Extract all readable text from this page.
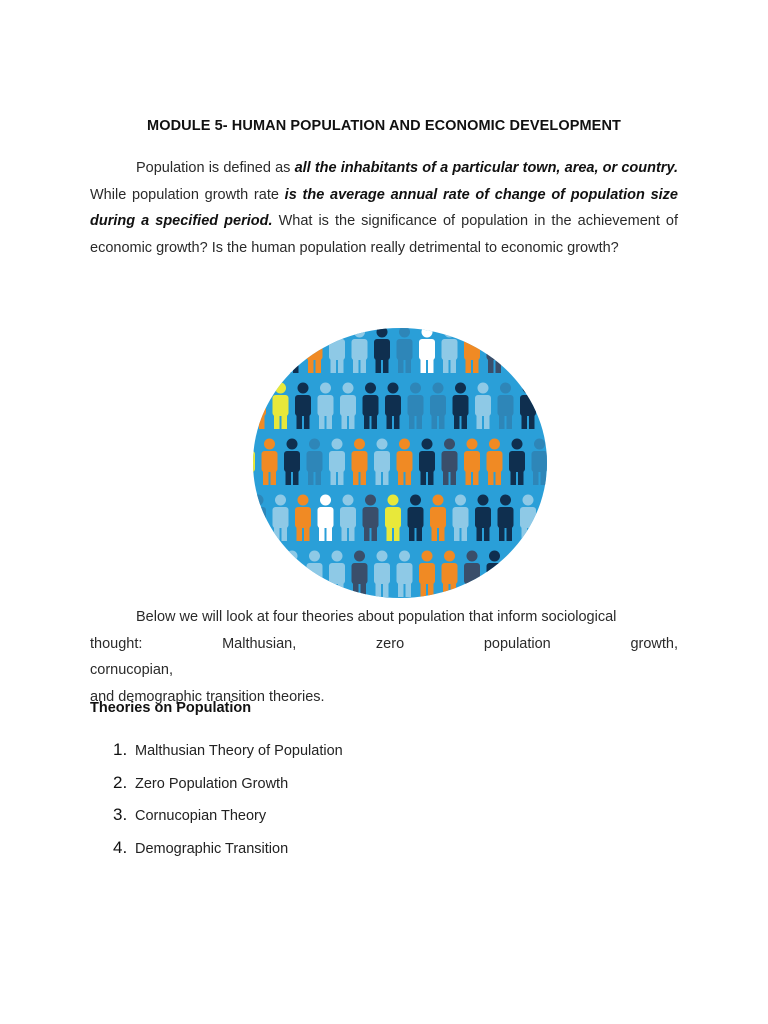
MODULE 5- HUMAN POPULATION AND ECONOMIC DEVELOPMENT

Population is defined as all the inhabitants of a particular town, area, or country. While population growth rate is the average annual rate of change of population size during a specified period. What is the significance of population in the achievement of economic growth? Is the human population really detrimental to economic growth?

Below we will look at four theories about population that inform sociological
thought: Malthusian, zero population growth, cornucopian,
and demographic transition theories.

Theories on Population
1. Malthusian Theory of Population
2. Zero Population Growth
3. Cornucopian Theory
4. Demographic Transition
